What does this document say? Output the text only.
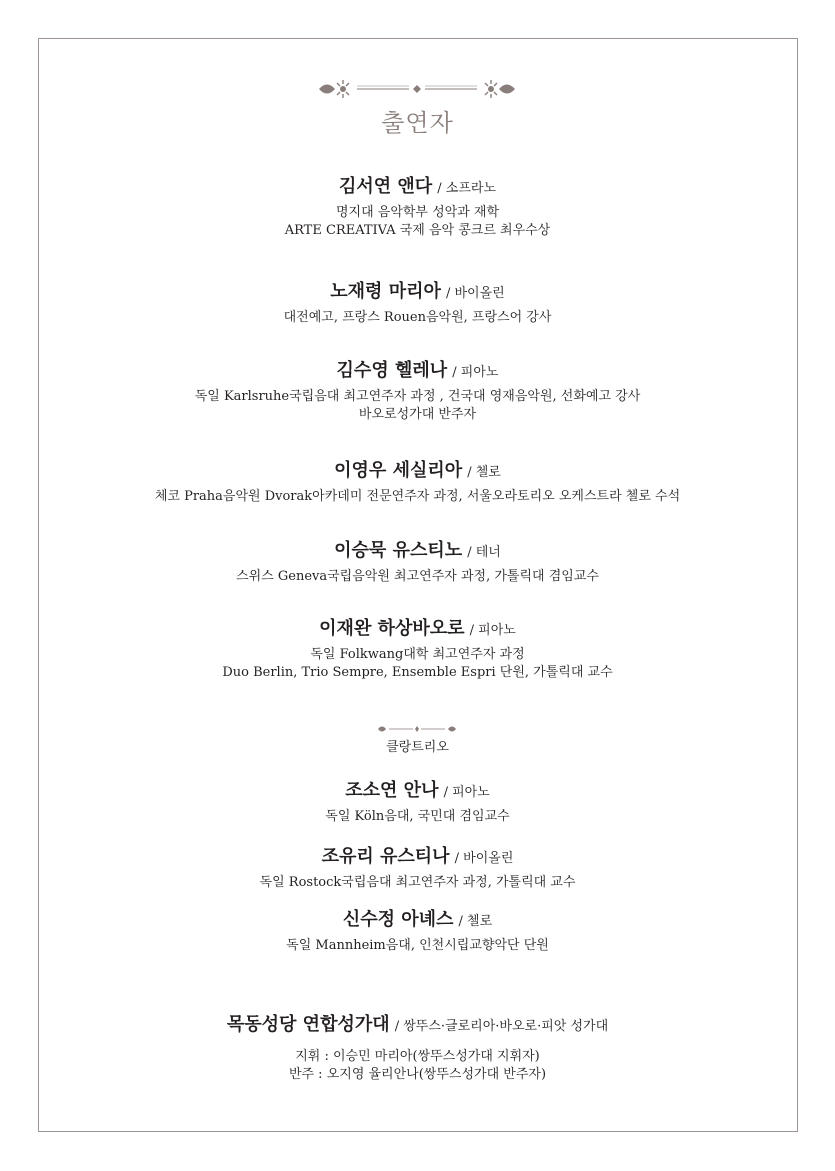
출연자
김서연 앤다 / 소프라노
명지대 음악학부 성악과 재학
ARTE CREATIVA 국제 음악 콩크르 최우수상
노재령 마리아 / 바이올린
대전예고, 프랑스 Rouen음악원, 프랑스어 강사
김수영 헬레나 / 피아노
독일 Karlsruhe국립음대 최고연주자 과정 , 건국대 영재음악원, 선화예고 강사
바오로성가대 반주자
이영우 세실리아 / 첼로
체코 Praha음악원 Dvorak아카데미 전문연주자 과정, 서울오라토리오 오케스트라 첼로 수석
이승묵 유스티노 / 테너
스위스 Geneva국립음악원 최고연주자 과정, 가톨릭대 겸임교수
이재완 하상바오로 / 피아노
독일 Folkwang대학 최고연주자 과정
Duo Berlin, Trio Sempre, Ensemble Espri 단원, 가톨릭대 교수
클랑트리오
조소연 안나 / 피아노
독일 Köln음대, 국민대 겸임교수
조유리 유스티나 / 바이올린
독일 Rostock국립음대 최고연주자 과정, 가톨릭대 교수
신수정 아녜스 / 첼로
독일 Mannheim음대, 인천시립교향악단 단원
목동성당 연합성가대 / 쌍뚜스·글로리아·바오로·피앗 성가대
지휘 : 이승민 마리아(쌍뚜스성가대 지휘자)
반주 : 오지영 율리안나(쌍뚜스성가대 반주자)
